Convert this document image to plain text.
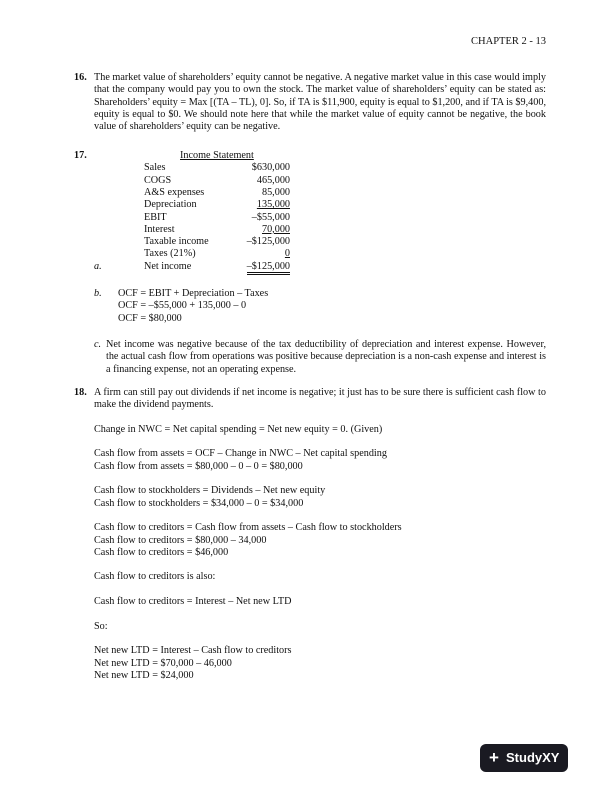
CHAPTER 2 - 13
16. The market value of shareholders’ equity cannot be negative. A negative market value in this case would imply that the company would pay you to own the stock. The market value of shareholders’ equity can be stated as: Shareholders’ equity = Max [(TA – TL), 0]. So, if TA is $11,900, equity is equal to $1,200, and if TA is $9,400, equity is equal to $0. We should note here that while the market value of equity cannot be negative, the book value of shareholders’ equity can be negative.

17.	Income Statement
Sales	$630,000
COGS	465,000
A&S expenses	85,000
Depreciation	135,000
EBIT	–$55,000
Interest	70,000
Taxable income	–$125,000
Taxes (21%)	0
a.	Net income	–$125,000
b. OCF = EBIT + Depreciation – Taxes

OCF = –$55,000 + 135,000 – 0

OCF = $80,000

c. Net income was negative because of the tax deductibility of depreciation and interest expense. However, the actual cash flow from operations was positive because depreciation is a non-cash expense and interest is a financing expense, not an operating expense.

18. A firm can still pay out dividends if net income is negative; it just has to be sure there is sufficient cash flow to make the dividend payments.

Change in NWC = Net capital spending = Net new equity = 0. (Given)

Cash flow from assets = OCF – Change in NWC – Net capital spending

Cash flow from assets = $80,000 – 0 – 0 = $80,000

Cash flow to stockholders = Dividends – Net new equity

Cash flow to stockholders = $34,000 – 0 = $34,000

Cash flow to creditors = Cash flow from assets – Cash flow to stockholders

Cash flow to creditors = $80,000 – 34,000

Cash flow to creditors = $46,000

Cash flow to creditors is also:

Cash flow to creditors = Interest – Net new LTD

So:

Net new LTD = Interest – Cash flow to creditors

Net new LTD = $70,000 – 46,000

Net new LTD = $24,000

+ StudyXY
